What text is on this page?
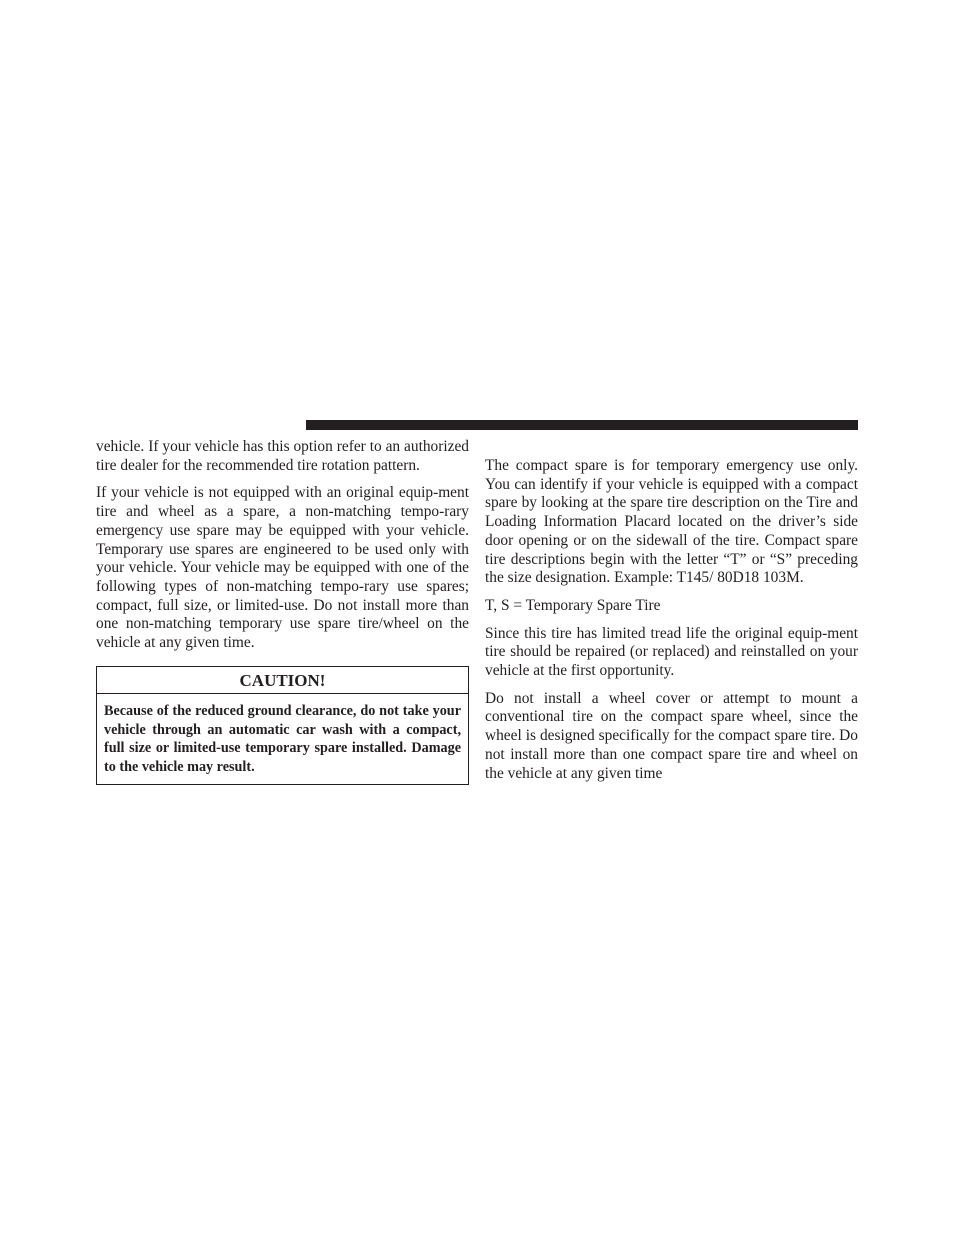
vehicle. If your vehicle has this option refer to an authorized tire dealer for the recommended tire rotation pattern.

If your vehicle is not equipped with an original equip-ment tire and wheel as a spare, a non-matching tempo-rary emergency use spare may be equipped with your vehicle. Temporary use spares are engineered to be used only with your vehicle. Your vehicle may be equipped with one of the following types of non-matching tempo-rary use spares; compact, full size, or limited-use. Do not install more than one non-matching temporary use spare tire/wheel on the vehicle at any given time.

CAUTION!
Because of the reduced ground clearance, do not take your vehicle through an automatic car wash with a compact, full size or limited-use temporary spare installed. Damage to the vehicle may result.

The compact spare is for temporary emergency use only. You can identify if your vehicle is equipped with a compact spare by looking at the spare tire description on the Tire and Loading Information Placard located on the driver’s side door opening or on the sidewall of the tire. Compact spare tire descriptions begin with the letter “T” or “S” preceding the size designation. Example: T145/ 80D18 103M.

T, S = Temporary Spare Tire

Since this tire has limited tread life the original equip-ment tire should be repaired (or replaced) and reinstalled on your vehicle at the first opportunity.

Do not install a wheel cover or attempt to mount a conventional tire on the compact spare wheel, since the wheel is designed specifically for the compact spare tire. Do not install more than one compact spare tire and wheel on the vehicle at any given time
